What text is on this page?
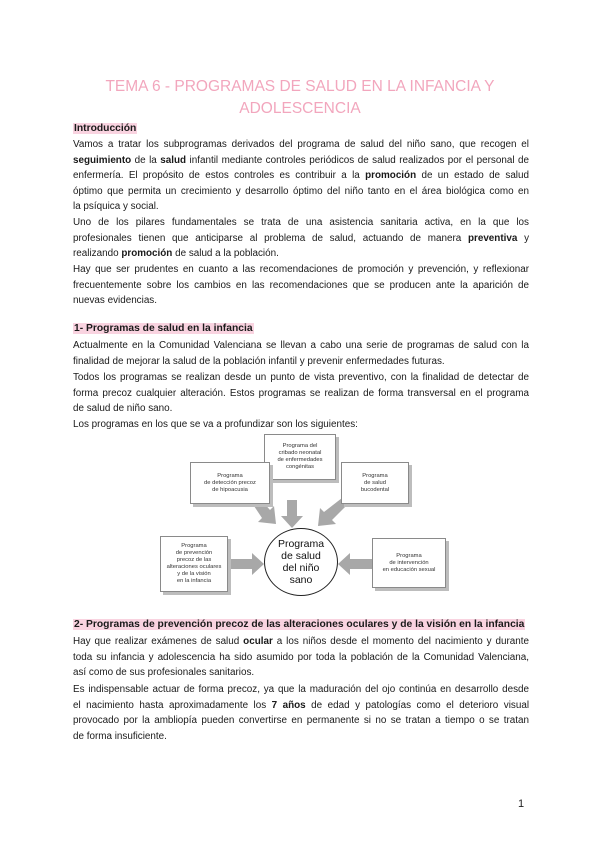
TEMA 6 - PROGRAMAS DE SALUD EN LA INFANCIA Y
ADOLESCENCIA
Introducción
Vamos a tratar los subprogramas derivados del programa de salud del niño sano, que recogen el
seguimiento de la salud infantil mediante controles periódicos de salud realizados por el personal de
enfermería. El propósito de estos controles es contribuir a la promoción de un estado de salud
óptimo que permita un crecimiento y desarrollo óptimo del niño tanto en el área biológica como en
la psíquica y social.
Uno de los pilares fundamentales se trata de una asistencia sanitaria activa, en la que los
profesionales tienen que anticiparse al problema de salud, actuando de manera preventiva y
realizando promoción de salud a la población.
Hay que ser prudentes en cuanto a las recomendaciones de promoción y prevención, y reflexionar
frecuentemente sobre los cambios en las recomendaciones que se producen ante la aparición de
nuevas evidencias.
1- Programas de salud en la infancia
Actualmente en la Comunidad Valenciana se llevan a cabo una serie de programas de salud con la
finalidad de mejorar la salud de la población infantil y prevenir enfermedades futuras.
Todos los programas se realizan desde un punto de vista preventivo, con la finalidad de detectar de
forma precoz cualquier alteración. Estos programas se realizan de forma transversal en el programa
de salud de niño sano.
Los programas en los que se va a profundizar son los siguientes:
Programa del
cribado neonatal
de enfermedades
congénitas
Programa
de detección precoz
de hipoacusia
Programa
de salud
bucodental
Programa
de prevención
precoz de las
alteraciones oculares
y de la visión
en la infancia
Programa
de intervención
en educación sexual
Programa
de salud
del niño
sano
2- Programas de prevención precoz de las alteraciones oculares y de la visión en la infancia
Hay que realizar exámenes de salud ocular a los niños desde el momento del nacimiento y durante
toda su infancia y adolescencia ha sido asumido por toda la población de la Comunidad Valenciana,
así como de sus profesionales sanitarios.
Es indispensable actuar de forma precoz, ya que la maduración del ojo continúa en desarrollo desde
el nacimiento hasta aproximadamente los 7 años de edad y patologías como el deterioro visual
provocado por la ambliopía pueden convertirse en permanente si no se tratan a tiempo o se tratan
de forma insuficiente.
1
